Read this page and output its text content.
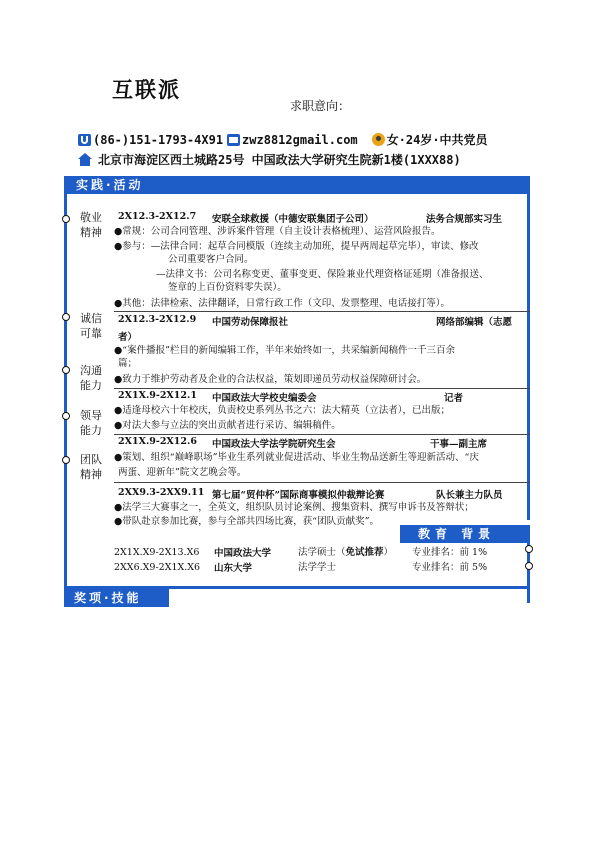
互联派
求职意向：
(86-)151-1793-4X91 zwz8812gmail.com 女·24岁·中共党员
北京市海淀区西土城路25号 中国政法大学研究生院新1楼(1XXX88)
实践·活动
敬业
精神
诚信
可靠
沟通
能力
领导
能力
团队
精神
2X12.3-2X12.7 安联全球救援（中德安联集团子公司）	法务合规部实习生
●常规：公司合同管理、涉诉案件管理（自主设计表格梳理）、运营风险报告。
●参与：—法律合同：起草合同模版（连续主动加班，提早两周起草完毕），审读、修改
公司重要客户合同。
—法律文书：公司名称变更、董事变更、保险兼业代理资格证延期（准备报送、
签章的上百份资料零失误）。
●其他：法律检索、法律翻译，日常行政工作（文印、发票整理、电话接打等）。
2X12.3-2X12.9 中国劳动保障报社	网络部编辑（志愿
者）
●“案件播报”栏目的新闻编辑工作，半年来始终如一，共采编新闻稿件一千三百余
篇；
●致力于维护劳动者及企业的合法权益，策划即递员劳动权益保障研讨会。
2X1X.9-2X12.1 中国政法大学校史编委会	记者
●适逢母校六十年校庆，负责校史系列丛书之六：法大精英（立法者），已出版；
●对法大参与立法的突出贡献者进行采访、编辑稿件。
2X1X.9-2X12.6 中国政法大学法学院研究生会	干事—副主席
●策划、组织“巅峰职场”毕业生系列就业促进活动、毕业生物品送新生等迎新活动、“庆
两蛋、迎新年”院文艺晚会等。
2XX9.3-2XX9.11 第七届“贸仲杯”国际商事模拟仲裁辩论赛	队长兼主力队员
●法学三大赛事之一，全英文，组织队员讨论案例、搜集资料、撰写申诉书及答辩状；
●带队赴京参加比赛，参与全部共四场比赛，获“团队贡献奖”。
教育 背景
2X1X.X9-2X13.X6 中国政法大学	法学硕士（免试推荐） 专业排名：前 1%
2XX6.X9-2X1X.X6 山东大学	法学学士	专业排名：前 5%
奖项·技能
